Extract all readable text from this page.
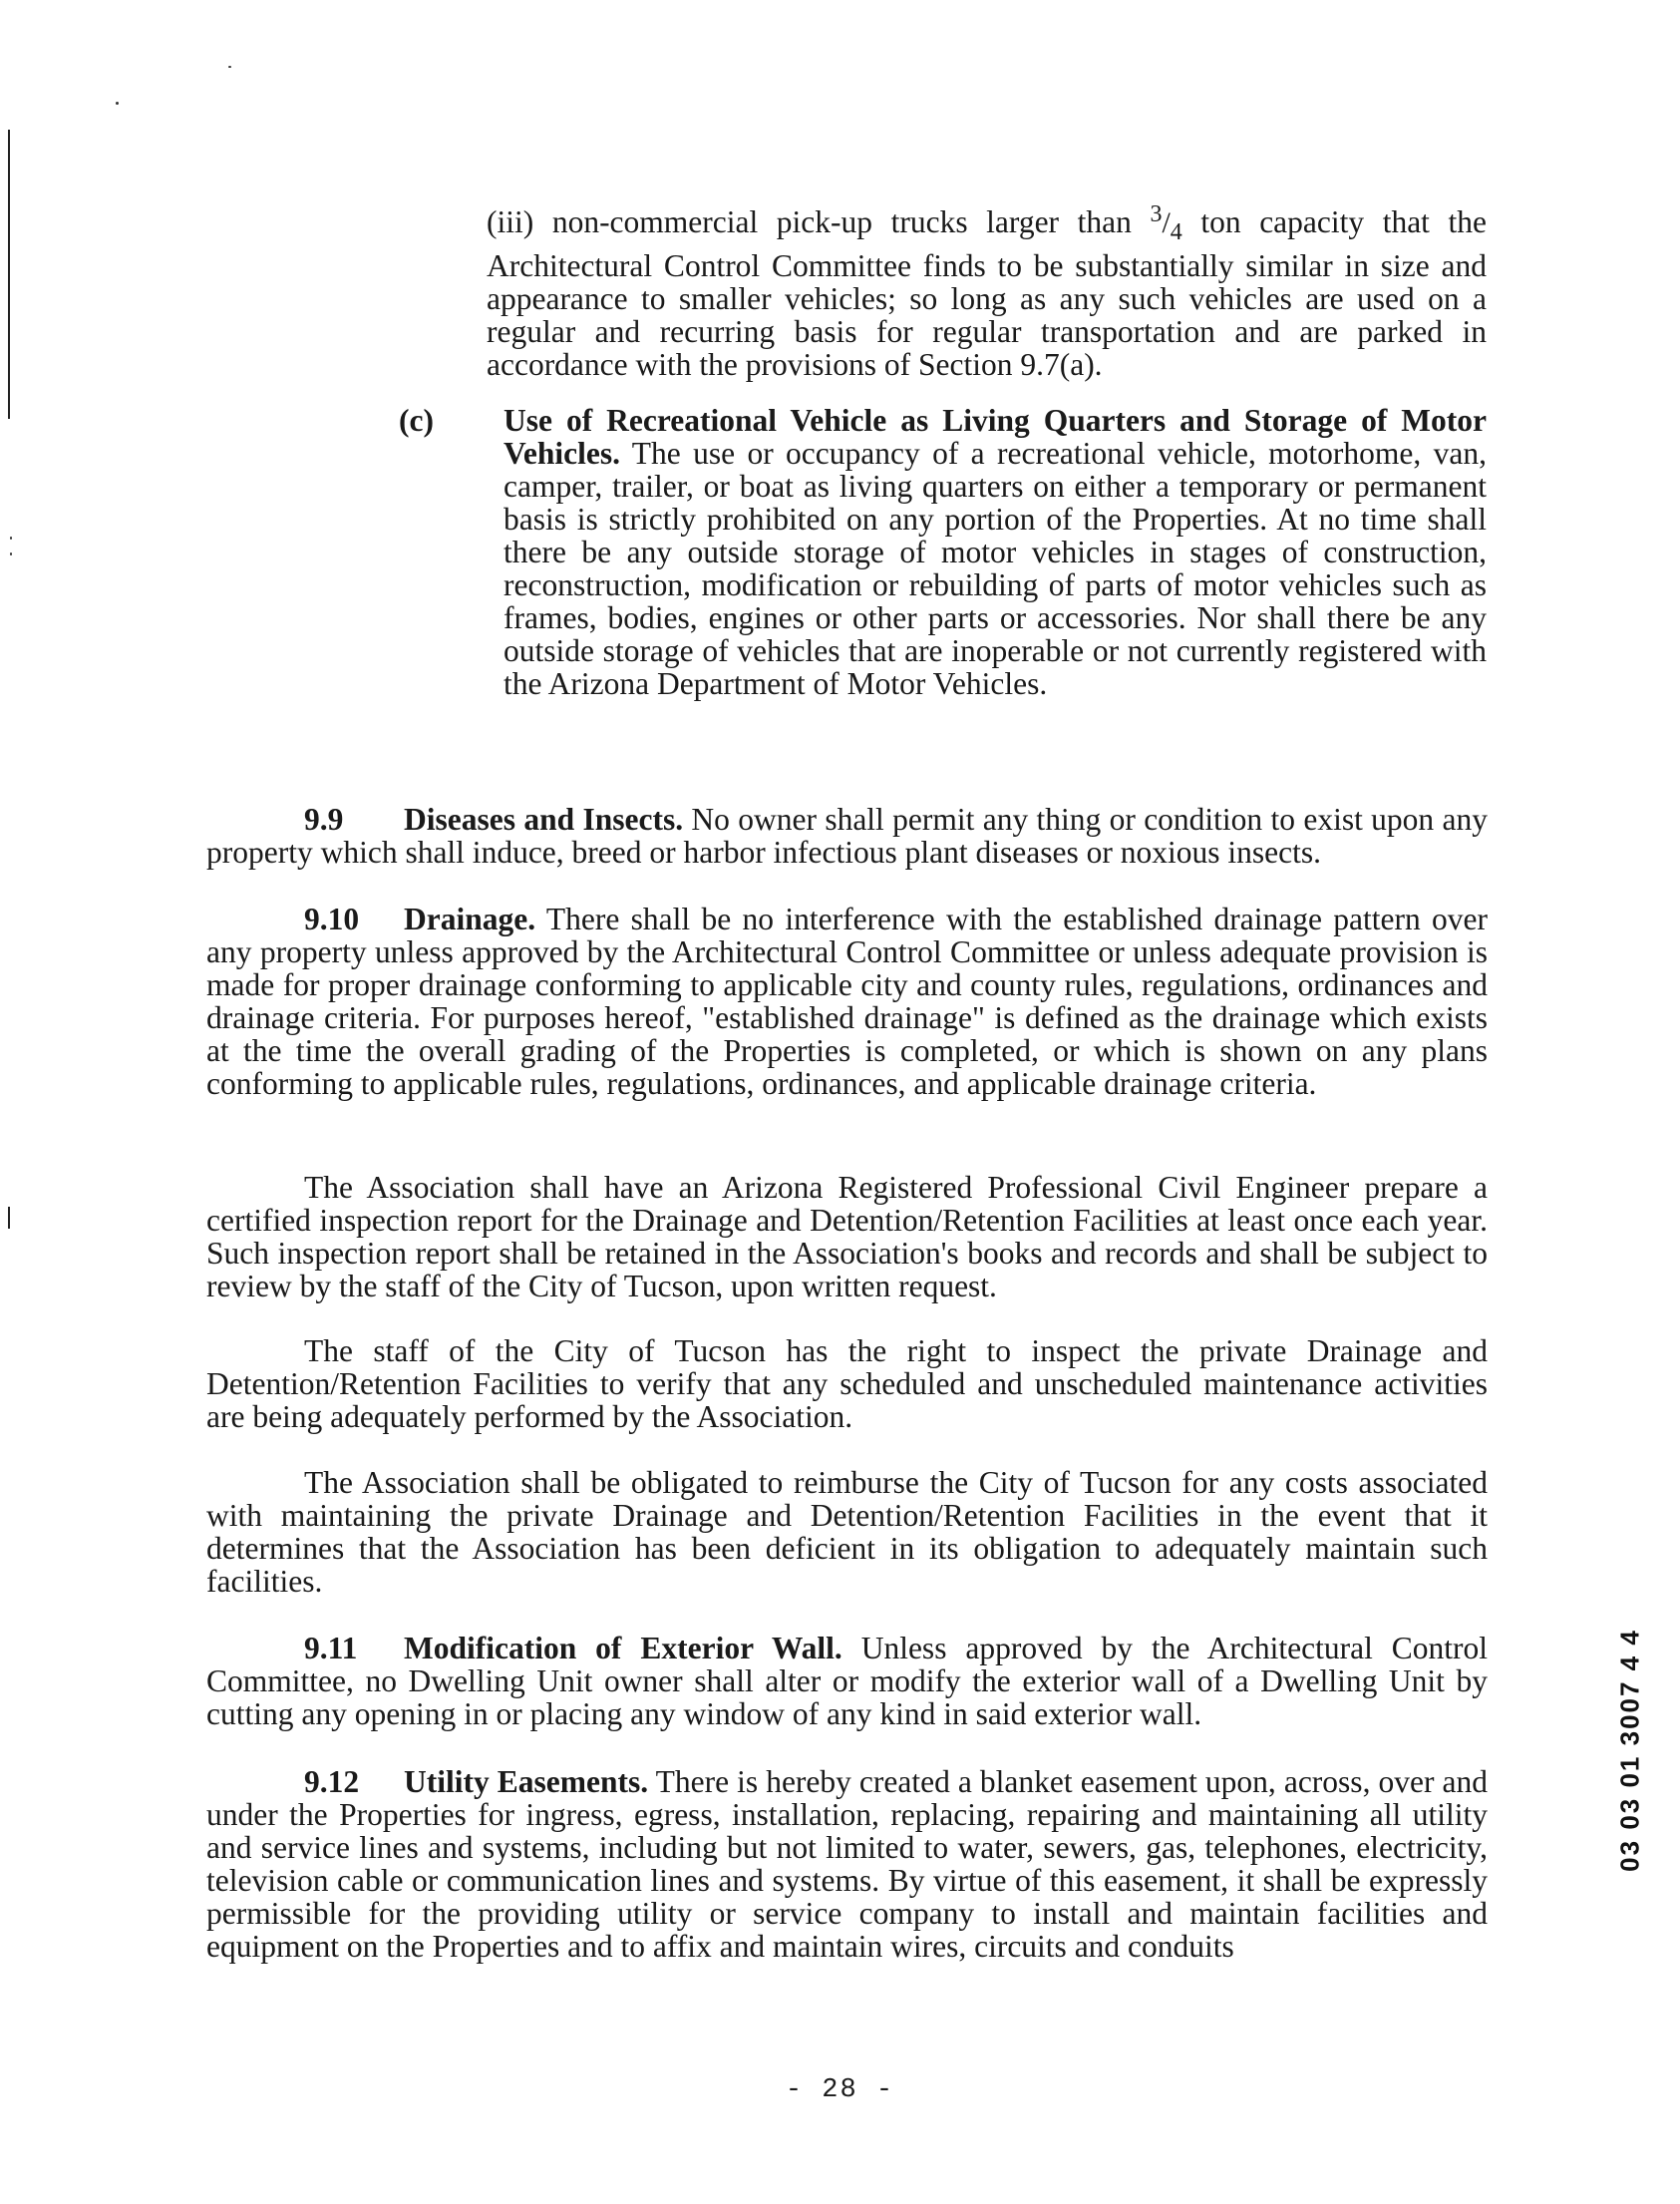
(iii) non-commercial pick-up trucks larger than $^3/_4$ ton capacity that the Architectural Control Committee finds to be substantially similar in size and appearance to smaller vehicles; so long as any such vehicles are used on a regular and recurring basis for regular transportation and are parked in accordance with the provisions of Section 9.7(a).
(c) Use of Recreational Vehicle as Living Quarters and Storage of Motor Vehicles. The use or occupancy of a recreational vehicle, motorhome, van, camper, trailer, or boat as living quarters on either a temporary or permanent basis is strictly prohibited on any portion of the Properties. At no time shall there be any outside storage of motor vehicles in stages of construction, reconstruction, modification or rebuilding of parts of motor vehicles such as frames, bodies, engines or other parts or accessories. Nor shall there be any outside storage of vehicles that are inoperable or not currently registered with the Arizona Department of Motor Vehicles.
9.9 Diseases and Insects. No owner shall permit any thing or condition to exist upon any property which shall induce, breed or harbor infectious plant diseases or noxious insects.
9.10 Drainage. There shall be no interference with the established drainage pattern over any property unless approved by the Architectural Control Committee or unless adequate provision is made for proper drainage conforming to applicable city and county rules, regulations, ordinances and drainage criteria. For purposes hereof, "established drainage" is defined as the drainage which exists at the time the overall grading of the Properties is completed, or which is shown on any plans conforming to applicable rules, regulations, ordinances, and applicable drainage criteria.
The Association shall have an Arizona Registered Professional Civil Engineer prepare a certified inspection report for the Drainage and Detention/Retention Facilities at least once each year. Such inspection report shall be retained in the Association's books and records and shall be subject to review by the staff of the City of Tucson, upon written request.
The staff of the City of Tucson has the right to inspect the private Drainage and Detention/Retention Facilities to verify that any scheduled and unscheduled maintenance activities are being adequately performed by the Association.
The Association shall be obligated to reimburse the City of Tucson for any costs associated with maintaining the private Drainage and Detention/Retention Facilities in the event that it determines that the Association has been deficient in its obligation to adequately maintain such facilities.
9.11 Modification of Exterior Wall. Unless approved by the Architectural Control Committee, no Dwelling Unit owner shall alter or modify the exterior wall of a Dwelling Unit by cutting any opening in or placing any window of any kind in said exterior wall.
9.12 Utility Easements. There is hereby created a blanket easement upon, across, over and under the Properties for ingress, egress, installation, replacing, repairing and maintaining all utility and service lines and systems, including but not limited to water, sewers, gas, telephones, electricity, television cable or communication lines and systems. By virtue of this easement, it shall be expressly permissible for the providing utility or service company to install and maintain facilities and equipment on the Properties and to affix and maintain wires, circuits and conduits
03 03 01 3007 4 4
- 28 -
